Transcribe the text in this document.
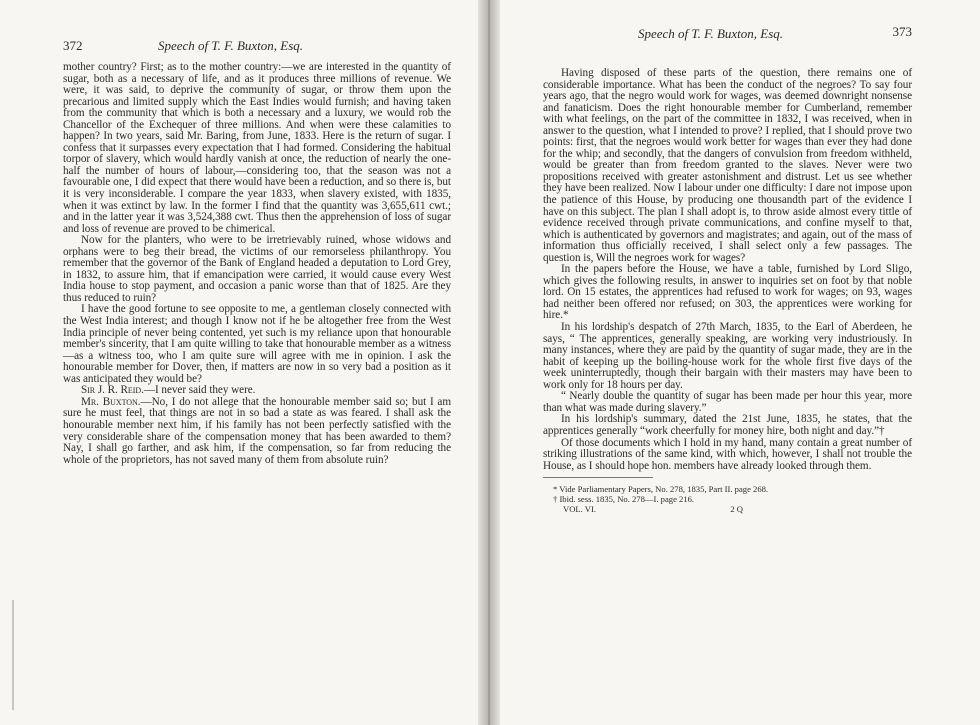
372	Speech of T. F. Buxton, Esq.

mother country? First; as to the mother country:—we are interested in the quantity of sugar, both as a necessary of life, and as it produces three millions of revenue. We were, it was said, to deprive the community of sugar, or throw them upon the precarious and limited supply which the East Indies would furnish; and having taken from the community that which is both a necessary and a luxury, we would rob the Chancellor of the Exchequer of three millions. And when were these calamities to happen? In two years, said Mr. Baring, from June, 1833. Here is the return of sugar. I confess that it surpasses every expectation that I had formed. Considering the habitual torpor of slavery, which would hardly vanish at once, the reduction of nearly the one-half the number of hours of labour,—considering too, that the season was not a favourable one, I did expect that there would have been a reduction, and so there is, but it is very inconsiderable. I compare the year 1833, when slavery existed, with 1835, when it was extinct by law. In the former I find that the quantity was 3,655,611 cwt.; and in the latter year it was 3,524,388 cwt. Thus then the apprehension of loss of sugar and loss of revenue are proved to be chimerical.

Now for the planters, who were to be irretrievably ruined, whose widows and orphans were to beg their bread, the victims of our remorseless philanthropy. You remember that the governor of the Bank of England headed a deputation to Lord Grey, in 1832, to assure him, that if emancipation were carried, it would cause every West India house to stop payment, and occasion a panic worse than that of 1825. Are they thus reduced to ruin?

I have the good fortune to see opposite to me, a gentleman closely connected with the West India interest; and though I know not if he be altogether free from the West India principle of never being contented, yet such is my reliance upon that honourable member's sincerity, that I am quite willing to take that honourable member as a witness—as a witness too, who I am quite sure will agree with me in opinion. I ask the honourable member for Dover, then, if matters are now in so very bad a position as it was anticipated they would be?

Sir J. R. Reid.—I never said they were.

Mr. Buxton.—No, I do not allege that the honourable member said so; but I am sure he must feel, that things are not in so bad a state as was feared. I shall ask the honourable member next him, if his family has not been perfectly satisfied with the very considerable share of the compensation money that has been awarded to them? Nay, I shall go farther, and ask him, if the compensation, so far from reducing the whole of the proprietors, has not saved many of them from absolute ruin?

Speech of T. F. Buxton, Esq.	373

Having disposed of these parts of the question, there remains one of considerable importance. What has been the conduct of the negroes? To say four years ago, that the negro would work for wages, was deemed downright nonsense and fanaticism. Does the right honourable member for Cumberland, remember with what feelings, on the part of the committee in 1832, I was received, when in answer to the question, what I intended to prove? I replied, that I should prove two points: first, that the negroes would work better for wages than ever they had done for the whip; and secondly, that the dangers of convulsion from freedom withheld, would be greater than from freedom granted to the slaves. Never were two propositions received with greater astonishment and distrust. Let us see whether they have been realized. Now I labour under one difficulty: I dare not impose upon the patience of this House, by producing one thousandth part of the evidence I have on this subject. The plan I shall adopt is, to throw aside almost every tittle of evidence received through private communications, and confine myself to that, which is authenticated by governors and magistrates; and again, out of the mass of information thus officially received, I shall select only a few passages. The question is, Will the negroes work for wages?

In the papers before the House, we have a table, furnished by Lord Sligo, which gives the following results, in answer to inquiries set on foot by that noble lord. On 15 estates, the apprentices had refused to work for wages; on 93, wages had neither been offered nor refused; on 303, the apprentices were working for hire.*

In his lordship's despatch of 27th March, 1835, to the Earl of Aberdeen, he says, “ The apprentices, generally speaking, are working very industriously. In many instances, where they are paid by the quantity of sugar made, they are in the habit of keeping up the boiling-house work for the whole first five days of the week uninterruptedly, though their bargain with their masters may have been to work only for 18 hours per day.

“ Nearly double the quantity of sugar has been made per hour this year, more than what was made during slavery.”

In his lordship's summary, dated the 21st June, 1835, he states, that the apprentices generally “work cheerfully for money hire, both night and day.”†

Of those documents which I hold in my hand, many contain a great number of striking illustrations of the same kind, with which, however, I shall not trouble the House, as I should hope hon. members have already looked through them.

* Vide Parliamentary Papers, No. 278, 1835, Part II. page 268.
† Ibid. sess. 1835, No. 278—I. page 216.
VOL. VI.	2 Q
